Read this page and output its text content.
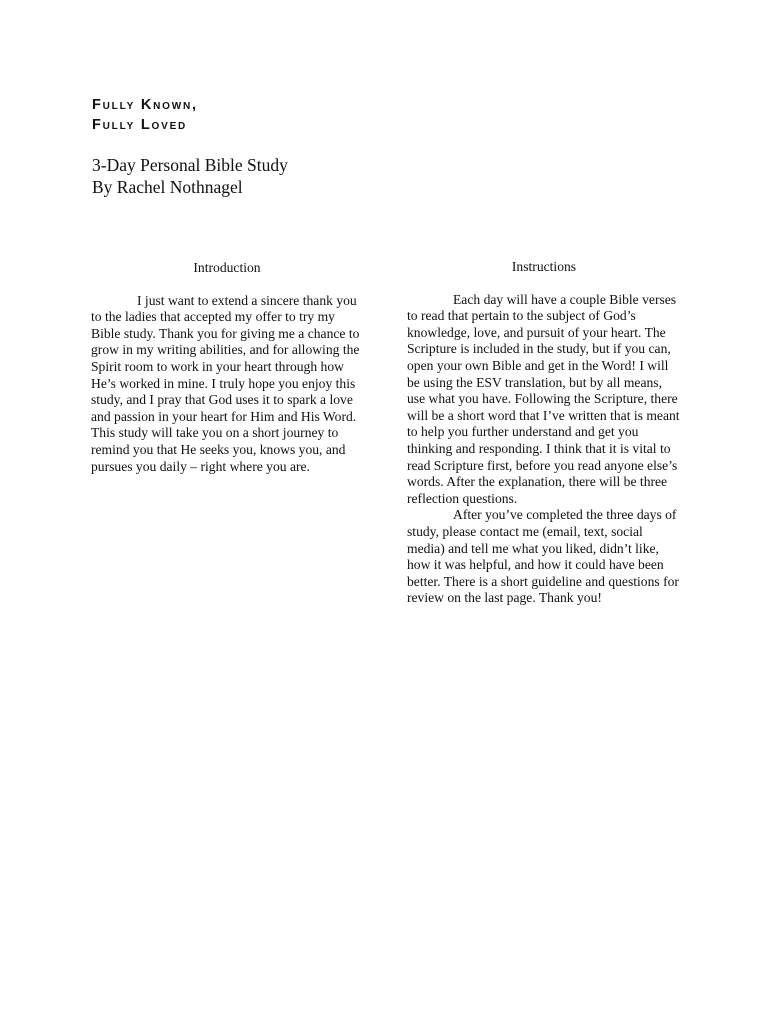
Fully Known,
Fully Loved
3-Day Personal Bible Study
By Rachel Nothnagel
Introduction

I just want to extend a sincere thank you to the ladies that accepted my offer to try my Bible study. Thank you for giving me a chance to grow in my writing abilities, and for allowing the Spirit room to work in your heart through how He’s worked in mine. I truly hope you enjoy this study, and I pray that God uses it to spark a love and passion in your heart for Him and His Word. This study will take you on a short journey to remind you that He seeks you, knows you, and pursues you daily – right where you are.

Instructions

Each day will have a couple Bible verses to read that pertain to the subject of God’s knowledge, love, and pursuit of your heart. The Scripture is included in the study, but if you can, open your own Bible and get in the Word! I will be using the ESV translation, but by all means, use what you have. Following the Scripture, there will be a short word that I’ve written that is meant to help you further understand and get you thinking and responding. I think that it is vital to read Scripture first, before you read anyone else’s words. After the explanation, there will be three reflection questions.

After you’ve completed the three days of study, please contact me (email, text, social media) and tell me what you liked, didn’t like, how it was helpful, and how it could have been better. There is a short guideline and questions for review on the last page. Thank you!
